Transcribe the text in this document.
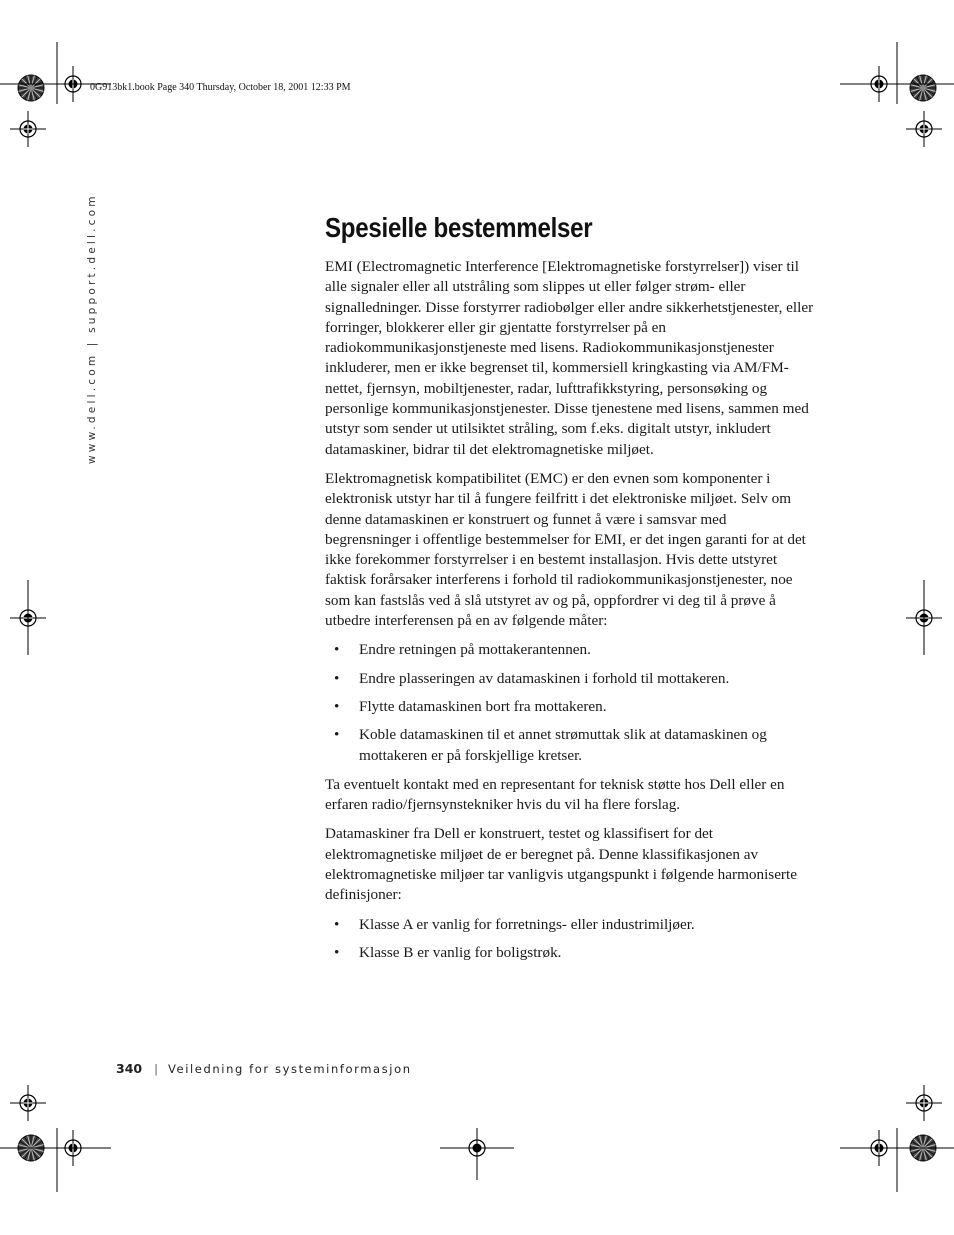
0G913bk1.book Page 340 Thursday, October 18, 2001 12:33 PM
www.dell.com | support.dell.com	Spesielle bestemmelser

EMI (Electromagnetic Interference [Elektromagnetiske forstyrrelser]) viser til alle signaler eller all utstråling som slippes ut eller følger strøm- eller signalledninger. Disse forstyrrer radiobølger eller andre sikkerhetstjenester, eller forringer, blokkerer eller gir gjentatte forstyrrelser på en radiokommunikasjonstjeneste med lisens. Radiokommunikasjonstjenester inkluderer, men er ikke begrenset til, kommersiell kringkasting via AM/FM-nettet, fjernsyn, mobiltjenester, radar, lufttrafikkstyring, personsøking og personlige kommunikasjonstjenester. Disse tjenestene med lisens, sammen med utstyr som sender ut utilsiktet stråling, som f.eks. digitalt utstyr, inkludert datamaskiner, bidrar til det elektromagnetiske miljøet.

Elektromagnetisk kompatibilitet (EMC) er den evnen som komponenter i elektronisk utstyr har til å fungere feilfritt i det elektroniske miljøet. Selv om denne datamaskinen er konstruert og funnet å være i samsvar med begrensninger i offentlige bestemmelser for EMI, er det ingen garanti for at det ikke forekommer forstyrrelser i en bestemt installasjon. Hvis dette utstyret faktisk forårsaker interferens i forhold til radiokommunikasjonstjenester, noe som kan fastslås ved å slå utstyret av og på, oppfordrer vi deg til å prøve å utbedre interferensen på en av følgende måter:

• Endre retningen på mottakerantennen.
• Endre plasseringen av datamaskinen i forhold til mottakeren.
• Flytte datamaskinen bort fra mottakeren.
• Koble datamaskinen til et annet strømuttak slik at datamaskinen og mottakeren er på forskjellige kretser.

Ta eventuelt kontakt med en representant for teknisk støtte hos Dell eller en erfaren radio/fjernsynstekniker hvis du vil ha flere forslag.

Datamaskiner fra Dell er konstruert, testet og klassifisert for det elektromagnetiske miljøet de er beregnet på. Denne klassifikasjonen av elektromagnetiske miljøer tar vanligvis utgangspunkt i følgende harmoniserte definisjoner:

• Klasse A er vanlig for forretnings- eller industrimiljøer.
• Klasse B er vanlig for boligstrøk.
340 | Veiledning for systeminformasjon
